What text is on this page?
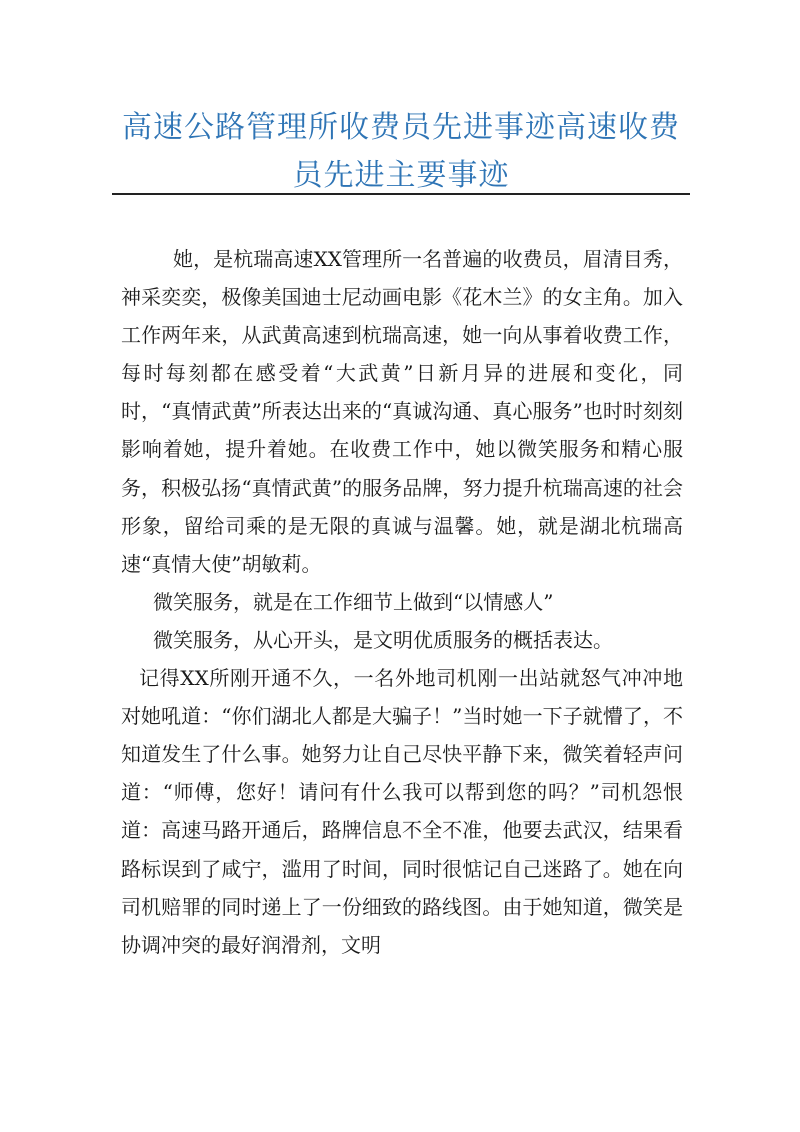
高速公路管理所收费员先进事迹高速收费员先进主要事迹

她，是杭瑞高速XX管理所一名普遍的收费员，眉清目秀，神采奕奕，极像美国迪士尼动画电影《花木兰》的女主角。加入工作两年来，从武黄高速到杭瑞高速，她一向从事着收费工作，每时每刻都在感受着“大武黄”日新月异的进展和变化，同时，“真情武黄”所表达出来的“真诚沟通、真心服务”也时时刻刻影响着她，提升着她。在收费工作中，她以微笑服务和精心服务，积极弘扬“真情武黄”的服务品牌，努力提升杭瑞高速的社会形象，留给司乘的是无限的真诚与温馨。她，就是湖北杭瑞高速“真情大使”胡敏莉。

微笑服务，就是在工作细节上做到“以情感人”

微笑服务，从心开头，是文明优质服务的概括表达。

记得XX所刚开通不久，一名外地司机刚一出站就怒气冲冲地对她吼道：“你们湖北人都是大骗子！”当时她一下子就懵了，不知道发生了什么事。她努力让自己尽快平静下来，微笑着轻声问道：“师傅，您好！请问有什么我可以帮到您的吗？”司机怨恨道：高速马路开通后，路牌信息不全不准，他要去武汉，结果看路标误到了咸宁，滥用了时间，同时很惦记自己迷路了。她在向司机赔罪的同时递上了一份细致的路线图。由于她知道，微笑是协调冲突的最好润滑剂，文明
